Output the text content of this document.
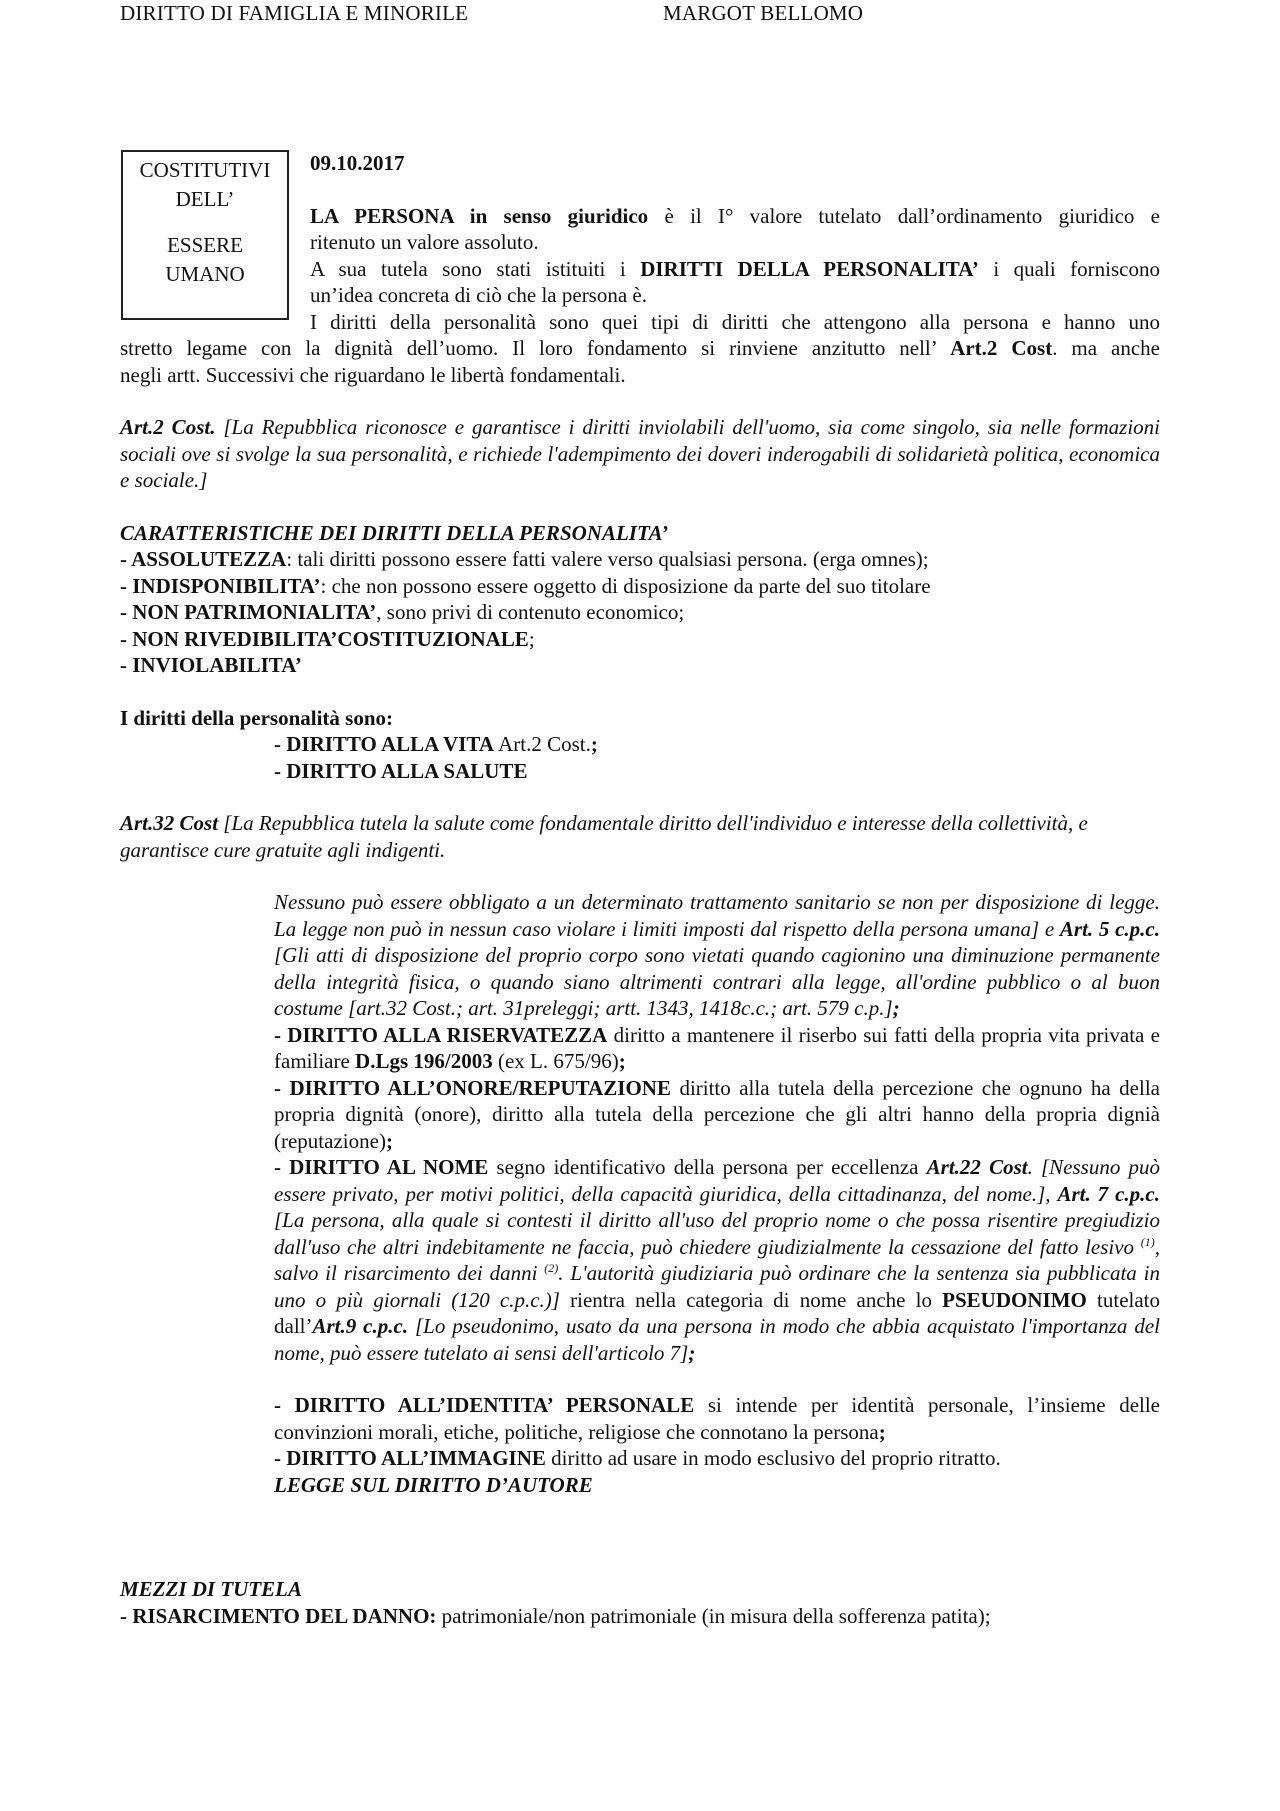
DIRITTO DI FAMIGLIA E MINORILE	MARGOT BELLOMO
COSTITUTIVI
DELL’
ESSERE
UMANO
09.10.2017
LA PERSONA in senso giuridico è il I° valore tutelato dall’ordinamento giuridico e
ritenuto un valore assoluto.
A sua tutela sono stati istituiti i DIRITTI DELLA PERSONALITA’ i quali forniscono
un’idea concreta di ciò che la persona è.
I diritti della personalità sono quei tipi di diritti che attengono alla persona e hanno uno
stretto legame con la dignità dell’uomo. Il loro fondamento si rinviene anzitutto nell’ Art.2 Cost. ma anche
negli artt. Successivi che riguardano le libertà fondamentali.
Art.2 Cost. [La Repubblica riconosce e garantisce i diritti inviolabili dell'uomo, sia come singolo, sia nelle formazioni sociali ove si svolge la sua personalità, e richiede l'adempimento dei doveri inderogabili di solidarietà politica, economica e sociale.]
CARATTERISTICHE DEI DIRITTI DELLA PERSONALITA’
- ASSOLUTEZZA: tali diritti possono essere fatti valere verso qualsiasi persona. (erga omnes);
- INDISPONIBILITA’: che non possono essere oggetto di disposizione da parte del suo titolare
- NON PATRIMONIALITA’, sono privi di contenuto economico;
- NON RIVEDIBILITA’COSTITUZIONALE;
- INVIOLABILITA’
I diritti della personalità sono:
- DIRITTO ALLA VITA Art.2 Cost.;
- DIRITTO ALLA SALUTE
Art.32 Cost [La Repubblica tutela la salute come fondamentale diritto dell'individuo e interesse della collettività, e garantisce cure gratuite agli indigenti.
Nessuno può essere obbligato a un determinato trattamento sanitario se non per disposizione di legge. La legge non può in nessun caso violare i limiti imposti dal rispetto della persona umana] e Art. 5 c.p.c. [Gli atti di disposizione del proprio corpo sono vietati quando cagionino una diminuzione permanente della integrità fisica, o quando siano altrimenti contrari alla legge, all'ordine pubblico o al buon costume [art.32 Cost.; art. 31preleggi; artt. 1343, 1418c.c.; art. 579 c.p.];
- DIRITTO ALLA RISERVATEZZA diritto a mantenere il riserbo sui fatti della propria vita privata e familiare D.Lgs 196/2003 (ex L. 675/96);
- DIRITTO ALL’ONORE/REPUTAZIONE diritto alla tutela della percezione che ognuno ha della propria dignità (onore), diritto alla tutela della percezione che gli altri hanno della propria dignià (reputazione);
- DIRITTO AL NOME segno identificativo della persona per eccellenza Art.22 Cost. [Nessuno può essere privato, per motivi politici, della capacità giuridica, della cittadinanza, del nome.], Art. 7 c.p.c. [La persona, alla quale si contesti il diritto all'uso del proprio nome o che possa risentire pregiudizio dall'uso che altri indebitamente ne faccia, può chiedere giudizialmente la cessazione del fatto lesivo $^{(1)}$, salvo il risarcimento dei danni $^{(2)}$. L'autorità giudiziaria può ordinare che la sentenza sia pubblicata in uno o più giornali (120 c.p.c.)] rientra nella categoria di nome anche lo PSEUDONIMO tutelato dall’Art.9 c.p.c. [Lo pseudonimo, usato da una persona in modo che abbia acquistato l'importanza del nome, può essere tutelato ai sensi dell'articolo 7];
- DIRITTO ALL’IDENTITA’ PERSONALE si intende per identità personale, l’insieme delle convinzioni morali, etiche, politiche, religiose che connotano la persona;
- DIRITTO ALL’IMMAGINE diritto ad usare in modo esclusivo del proprio ritratto.
LEGGE SUL DIRITTO D’AUTORE
MEZZI DI TUTELA
- RISARCIMENTO DEL DANNO: patrimoniale/non patrimoniale (in misura della sofferenza patita);
